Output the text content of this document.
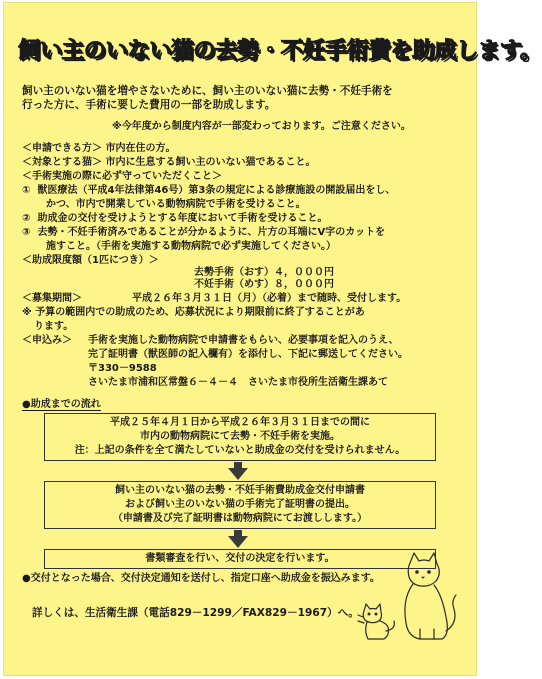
飼い主のいない猫の去勢・不妊手術費を助成します。
飼い主のいない猫を増やさないために、飼い主のいない猫に去勢・不妊手術を
行った方に、手術に要した費用の一部を助成します。
※今年度から制度内容が一部変わっております。ご注意ください。
＜申請できる方＞ 市内在住の方。
＜対象とする猫＞ 市内に生息する飼い主のいない猫であること。
＜手術実施の際に必ず守っていただくこと＞
① 獣医療法（平成4年法律第46号）第3条の規定による診療施設の開設届出をし、
かつ、市内で開業している動物病院で手術を受けること。
② 助成金の交付を受けようとする年度において手術を受けること。
③ 去勢・不妊手術済みであることが分かるように、片方の耳端にV字のカットを
施すこと。（手術を実施する動物病院で必ず実施してください。）
＜助成限度額（1匹につき）＞
去勢手術（おす）４，０００円
不妊手術（めす）８，０００円
＜募集期間＞	平成２６年３月３１日（月）（必着）まで随時、受付します。
※ 予算の範囲内での助成のため、応募状況により期限前に終了することがあ
ります。
＜申込み＞ 手術を実施した動物病院で申請書をもらい、必要事項を記入のうえ、
完了証明書（獣医師の記入欄有）を添付し、下記に郵送してください。
〒330－9588
さいたま市浦和区常盤６－４－４　さいたま市役所生活衛生課あて
●助成までの流れ
平成２５年４月１日から平成２６年３月３１日までの間に
市内の動物病院にて去勢・不妊手術を実施。
注：上記の条件を全て満たしていないと助成金の交付を受けられません。
飼い主のいない猫の去勢・不妊手術費助成金交付申請書
および飼い主のいない猫の手術完了証明書の提出。
（申請書及び完了証明書は動物病院にてお渡しします。）
書類審査を行い、交付の決定を行います。
●交付となった場合、交付決定通知を送付し、指定口座へ助成金を振込みます。
詳しくは、生活衛生課（電話829－1299／FAX829－1967）へ。
